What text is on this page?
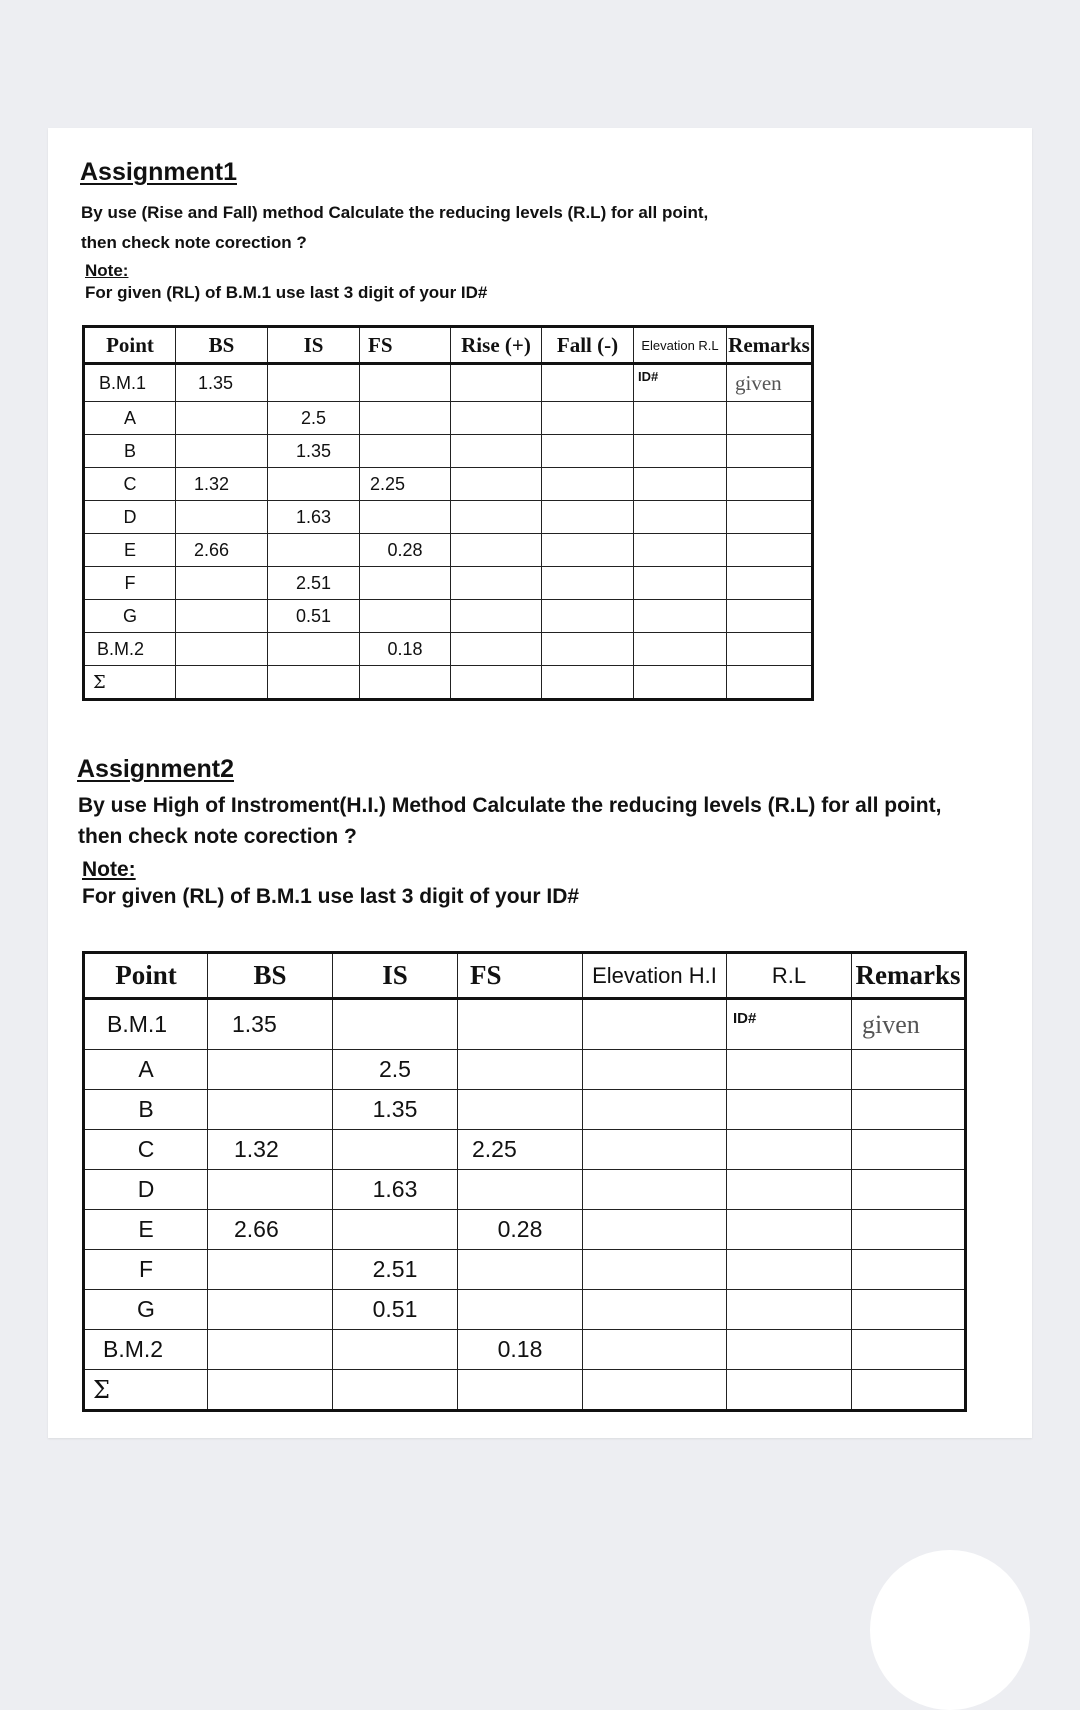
Assignment1
By use (Rise and Fall) method Calculate the reducing levels (R.L) for all point,
then check note corection ?
Note:
For given (RL) of B.M.1 use last 3 digit of your ID#
Point	BS	IS	FS	Rise (+)	Fall (-)	Elevation R.L	Remarks
B.M.1	1.35					ID#	given
A		2.5					
B		1.35					
C	1.32		2.25				
D		1.63					
E	2.66		0.28				
F		2.51					
G		0.51					
B.M.2			0.18				
Σ							
Assignment2
By use High of Instroment(H.I.) Method Calculate the reducing levels (R.L) for all point,
then check note corection ?
Note:
For given (RL) of B.M.1 use last 3 digit of your ID#
Point	BS	IS	FS	Elevation H.I	R.L	Remarks
B.M.1	1.35				ID#	given
A		2.5				
B		1.35				
C	1.32		2.25			
D		1.63				
E	2.66		0.28			
F		2.51				
G		0.51				
B.M.2			0.18			
Σ						
